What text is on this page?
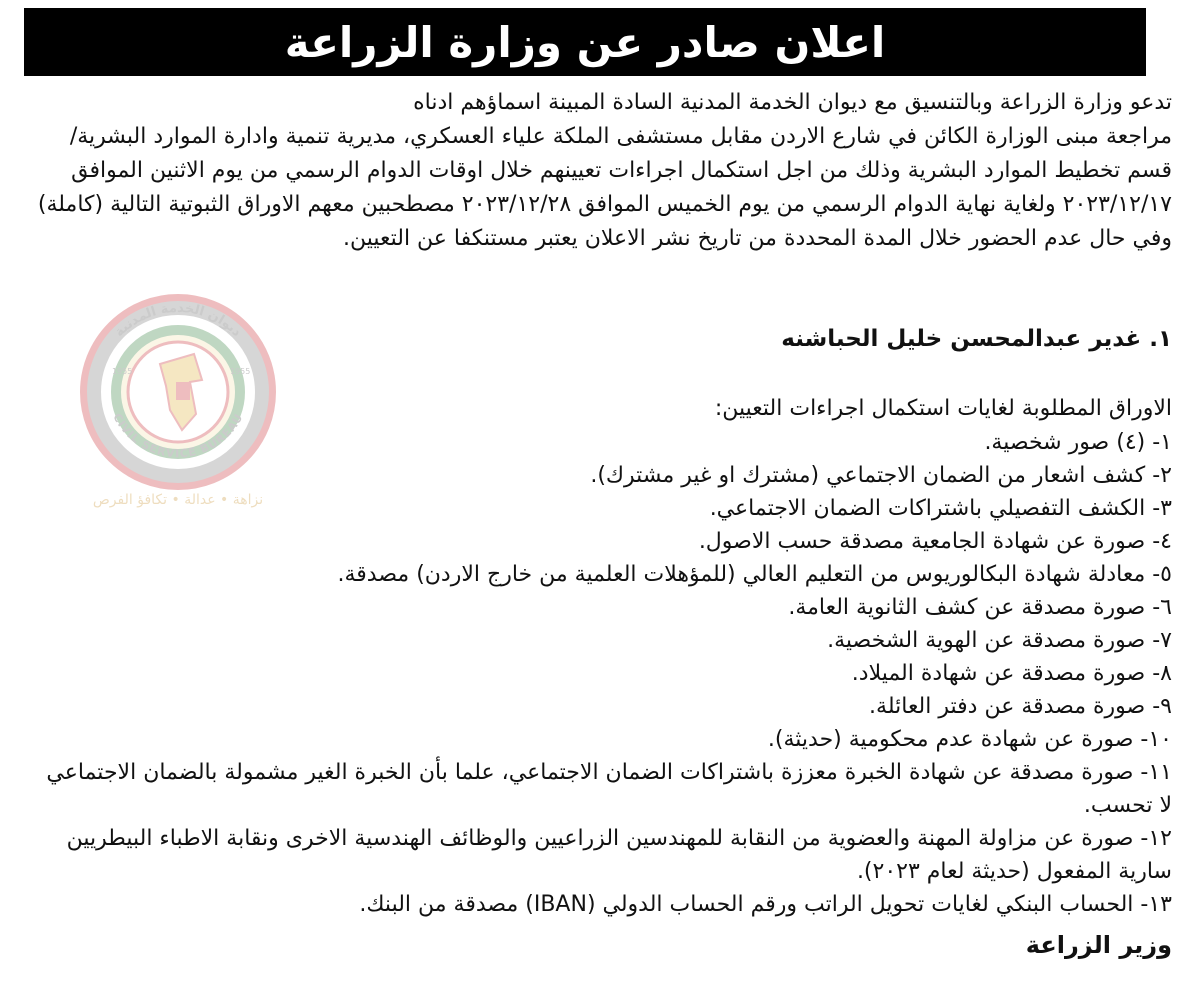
اعلان صادر عن وزارة الزراعة
ديوان الخدمة المدنية
CIVIL SERVICE BUREAU
1955	1955
نزاهة • عدالة • تكافؤ الفرص

تدعو وزارة الزراعة وبالتنسيق مع ديوان الخدمة المدنية السادة المبينة اسماؤهم ادناه

مراجعة مبنى الوزارة الكائن في شارع الاردن مقابل مستشفى الملكة علياء العسكري، مديرية تنمية وادارة الموارد البشرية/قسم تخطيط الموارد البشرية وذلك من اجل استكمال اجراءات تعيينهم خلال اوقات الدوام الرسمي من يوم الاثنين الموافق ٢٠٢٣/١٢/١٧ ولغاية نهاية الدوام الرسمي من يوم الخميس الموافق ٢٠٢٣/١٢/٢٨ مصطحبين معهم الاوراق الثبوتية التالية (كاملة) وفي حال عدم الحضور خلال المدة المحددة من تاريخ نشر الاعلان يعتبر مستنكفا عن التعيين.

١. غدير عبدالمحسن خليل الحباشنه
الاوراق المطلوبة لغايات استكمال اجراءات التعيين:
١- (٤) صور شخصية.
٢- كشف اشعار من الضمان الاجتماعي (مشترك او غير مشترك).
٣- الكشف التفصيلي باشتراكات الضمان الاجتماعي.
٤- صورة عن شهادة الجامعية مصدقة حسب الاصول.
٥- معادلة شهادة البكالوريوس من التعليم العالي (للمؤهلات العلمية من خارج الاردن) مصدقة.
٦- صورة مصدقة عن كشف الثانوية العامة.
٧- صورة مصدقة عن الهوية الشخصية.
٨- صورة مصدقة عن شهادة الميلاد.
٩- صورة مصدقة عن دفتر العائلة.
١٠- صورة عن شهادة عدم محكومية (حديثة).
١١- صورة مصدقة عن شهادة الخبرة معززة باشتراكات الضمان الاجتماعي، علما بأن الخبرة الغير مشمولة بالضمان الاجتماعي لا تحسب.
١٢- صورة عن مزاولة المهنة والعضوية من النقابة للمهندسين الزراعيين والوظائف الهندسية الاخرى ونقابة الاطباء البيطريين سارية المفعول (حديثة لعام ٢٠٢٣).
١٣- الحساب البنكي لغايات تحويل الراتب ورقم الحساب الدولي (IBAN) مصدقة من البنك.
وزير الزراعة
